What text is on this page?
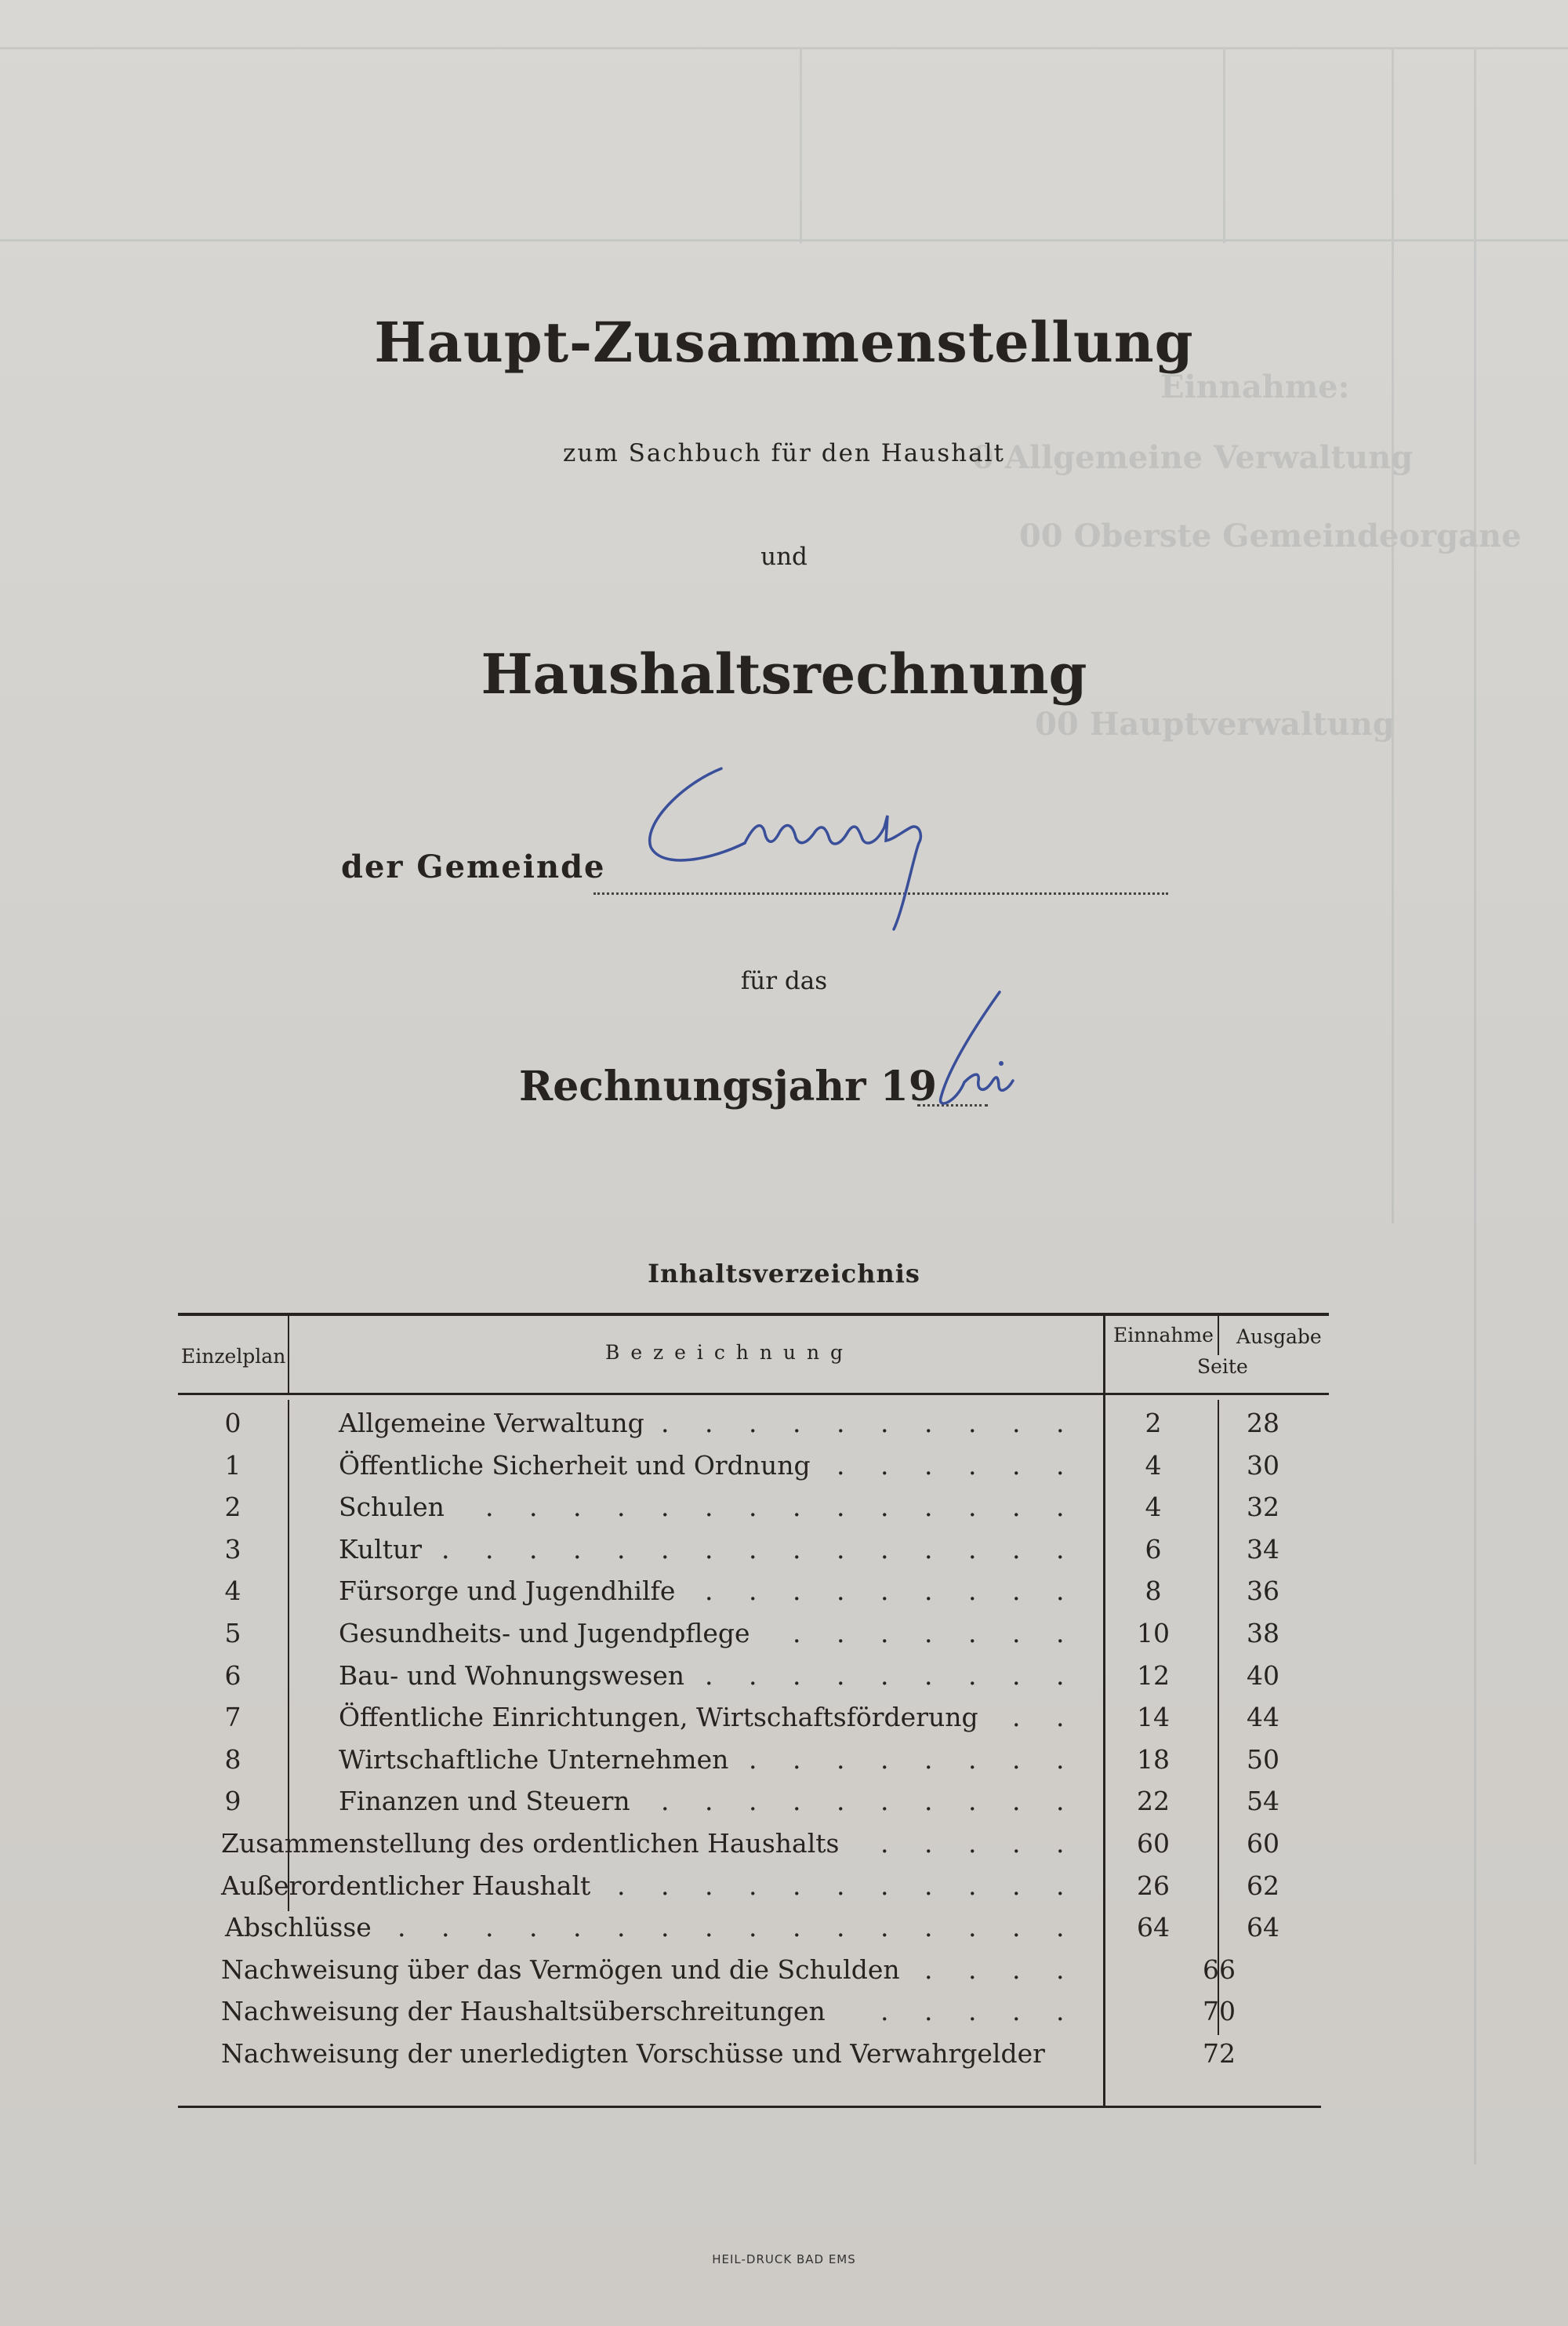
Einnahme:
0 Allgemeine Verwaltung
00 Oberste Gemeindeorgane
00 Hauptverwaltung
Haupt-Zusammenstellung
zum Sachbuch für den Haushalt
und
Haushaltsrechnung
der Gemeinde
für das
Rechnungsjahr 19
Inhaltsverzeichnis
Einzelplan	B e z e i c h n u n g
Einnahme Ausgabe
Seite
0	Allgemeine Verwaltung	2	28
.
.
.
.
.
.
.
.
.
.
1	Öffentliche Sicherheit und Ordnung	4	30
.
.
.
.
.
.
2	Schulen	4	32
.
.
.
.
.
.
.
.
.
.
.
.
.
.
3	Kultur	6	34
.
.
.
.
.
.
.
.
.
.
.
.
.
.
.
4	Fürsorge und Jugendhilfe	8	36
.
.
.
.
.
.
.
.
.
5	Gesundheits- und Jugendpflege	10	38
.
.
.
.
.
.
.
6	Bau- und Wohnungswesen	12	40
.
.
.
.
.
.
.
.
.
7	Öffentliche Einrichtungen, Wirtschaftsförderung	14	44
.
.
8	Wirtschaftliche Unternehmen	18	50
.
.
.
.
.
.
.
.
9	Finanzen und Steuern	22	54
.
.
.
.
.
.
.
.
.
.
Zusammenstellung des ordentlichen Haushalts	60	60
.
.
.
.
.
Außerordentlicher Haushalt	26	62
.
.
.
.
.
.
.
.
.
.
.
Abschlüsse	64	64
.
.
.
.
.
.
.
.
.
.
.
.
.
.
.
.
Nachweisung über das Vermögen und die Schulden	66
.
.
.
.
Nachweisung der Haushaltsüberschreitungen	70
.
.
.
.
.
Nachweisung der unerledigten Vorschüsse und Verwahrgelder	72
HEIL-DRUCK BAD EMS
